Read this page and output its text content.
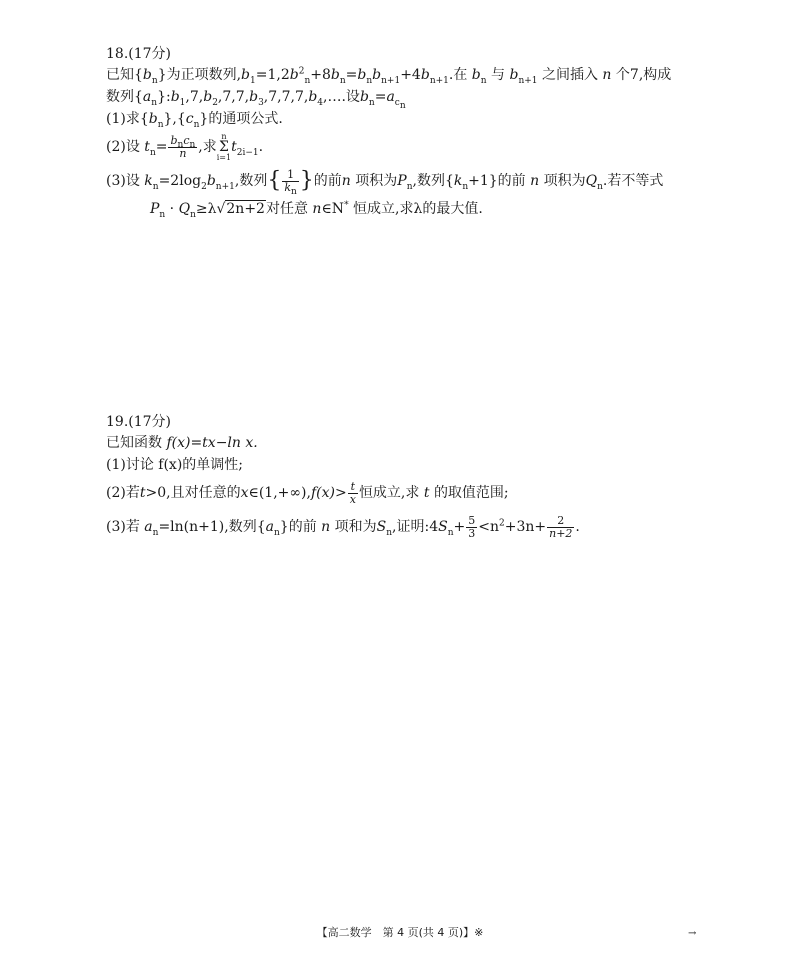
18.(17分)
已知$\{b_n\}$为正项数列$,b_1=1,2b^2_n+8b_n=b_nb_{n+1}+4b_{n+1}$.在 $b_n$ 与 $b_{n+1}$ 之间插入 n 个7,构成
数列$\{a_n\}:b_1,7,b_2,7,7,b_3,7,7,7,b_4,\dots$.设$b_n=a_{c_n}$
(1)求$\{b_n\},\{c_n\}$的通项公式.
(2)设 $t_n= \frac{b_nc_n}{n}$ ,求
n
Σ
i=1
$t_{2i-1}$.
(3)设 $k_n=2\log_2b_{n+1}$,数列{ $\frac{1}{k_n}$ }的前n 项积为$P_n$,数列$\{k_n+1\}$的前 n 项积为$Q_n$.若不等式
$P_n \cdot Q_n\ge\lambda√2n+2$对任意 n∈N* 恒成立,求λ的最大值.
19.(17分)
已知函数 f(x)=tx−ln x.
(1)讨论 f(x)的单调性;
(2)若t>0,且对任意的x∈(1,+∞),f(x)> $\frac{t}{x}$ 恒成立,求 t 的取值范围;
(3)若 $a_n=\ln(n+1)$,数列$\{a_n\}$的前 n 项和为$S_n$,证明$:4S_n+ \frac{5}{3} <n^2+3n+ \frac{2}{n+2}$ .
【高二数学　第 4 页(共 4 页)】※	→
